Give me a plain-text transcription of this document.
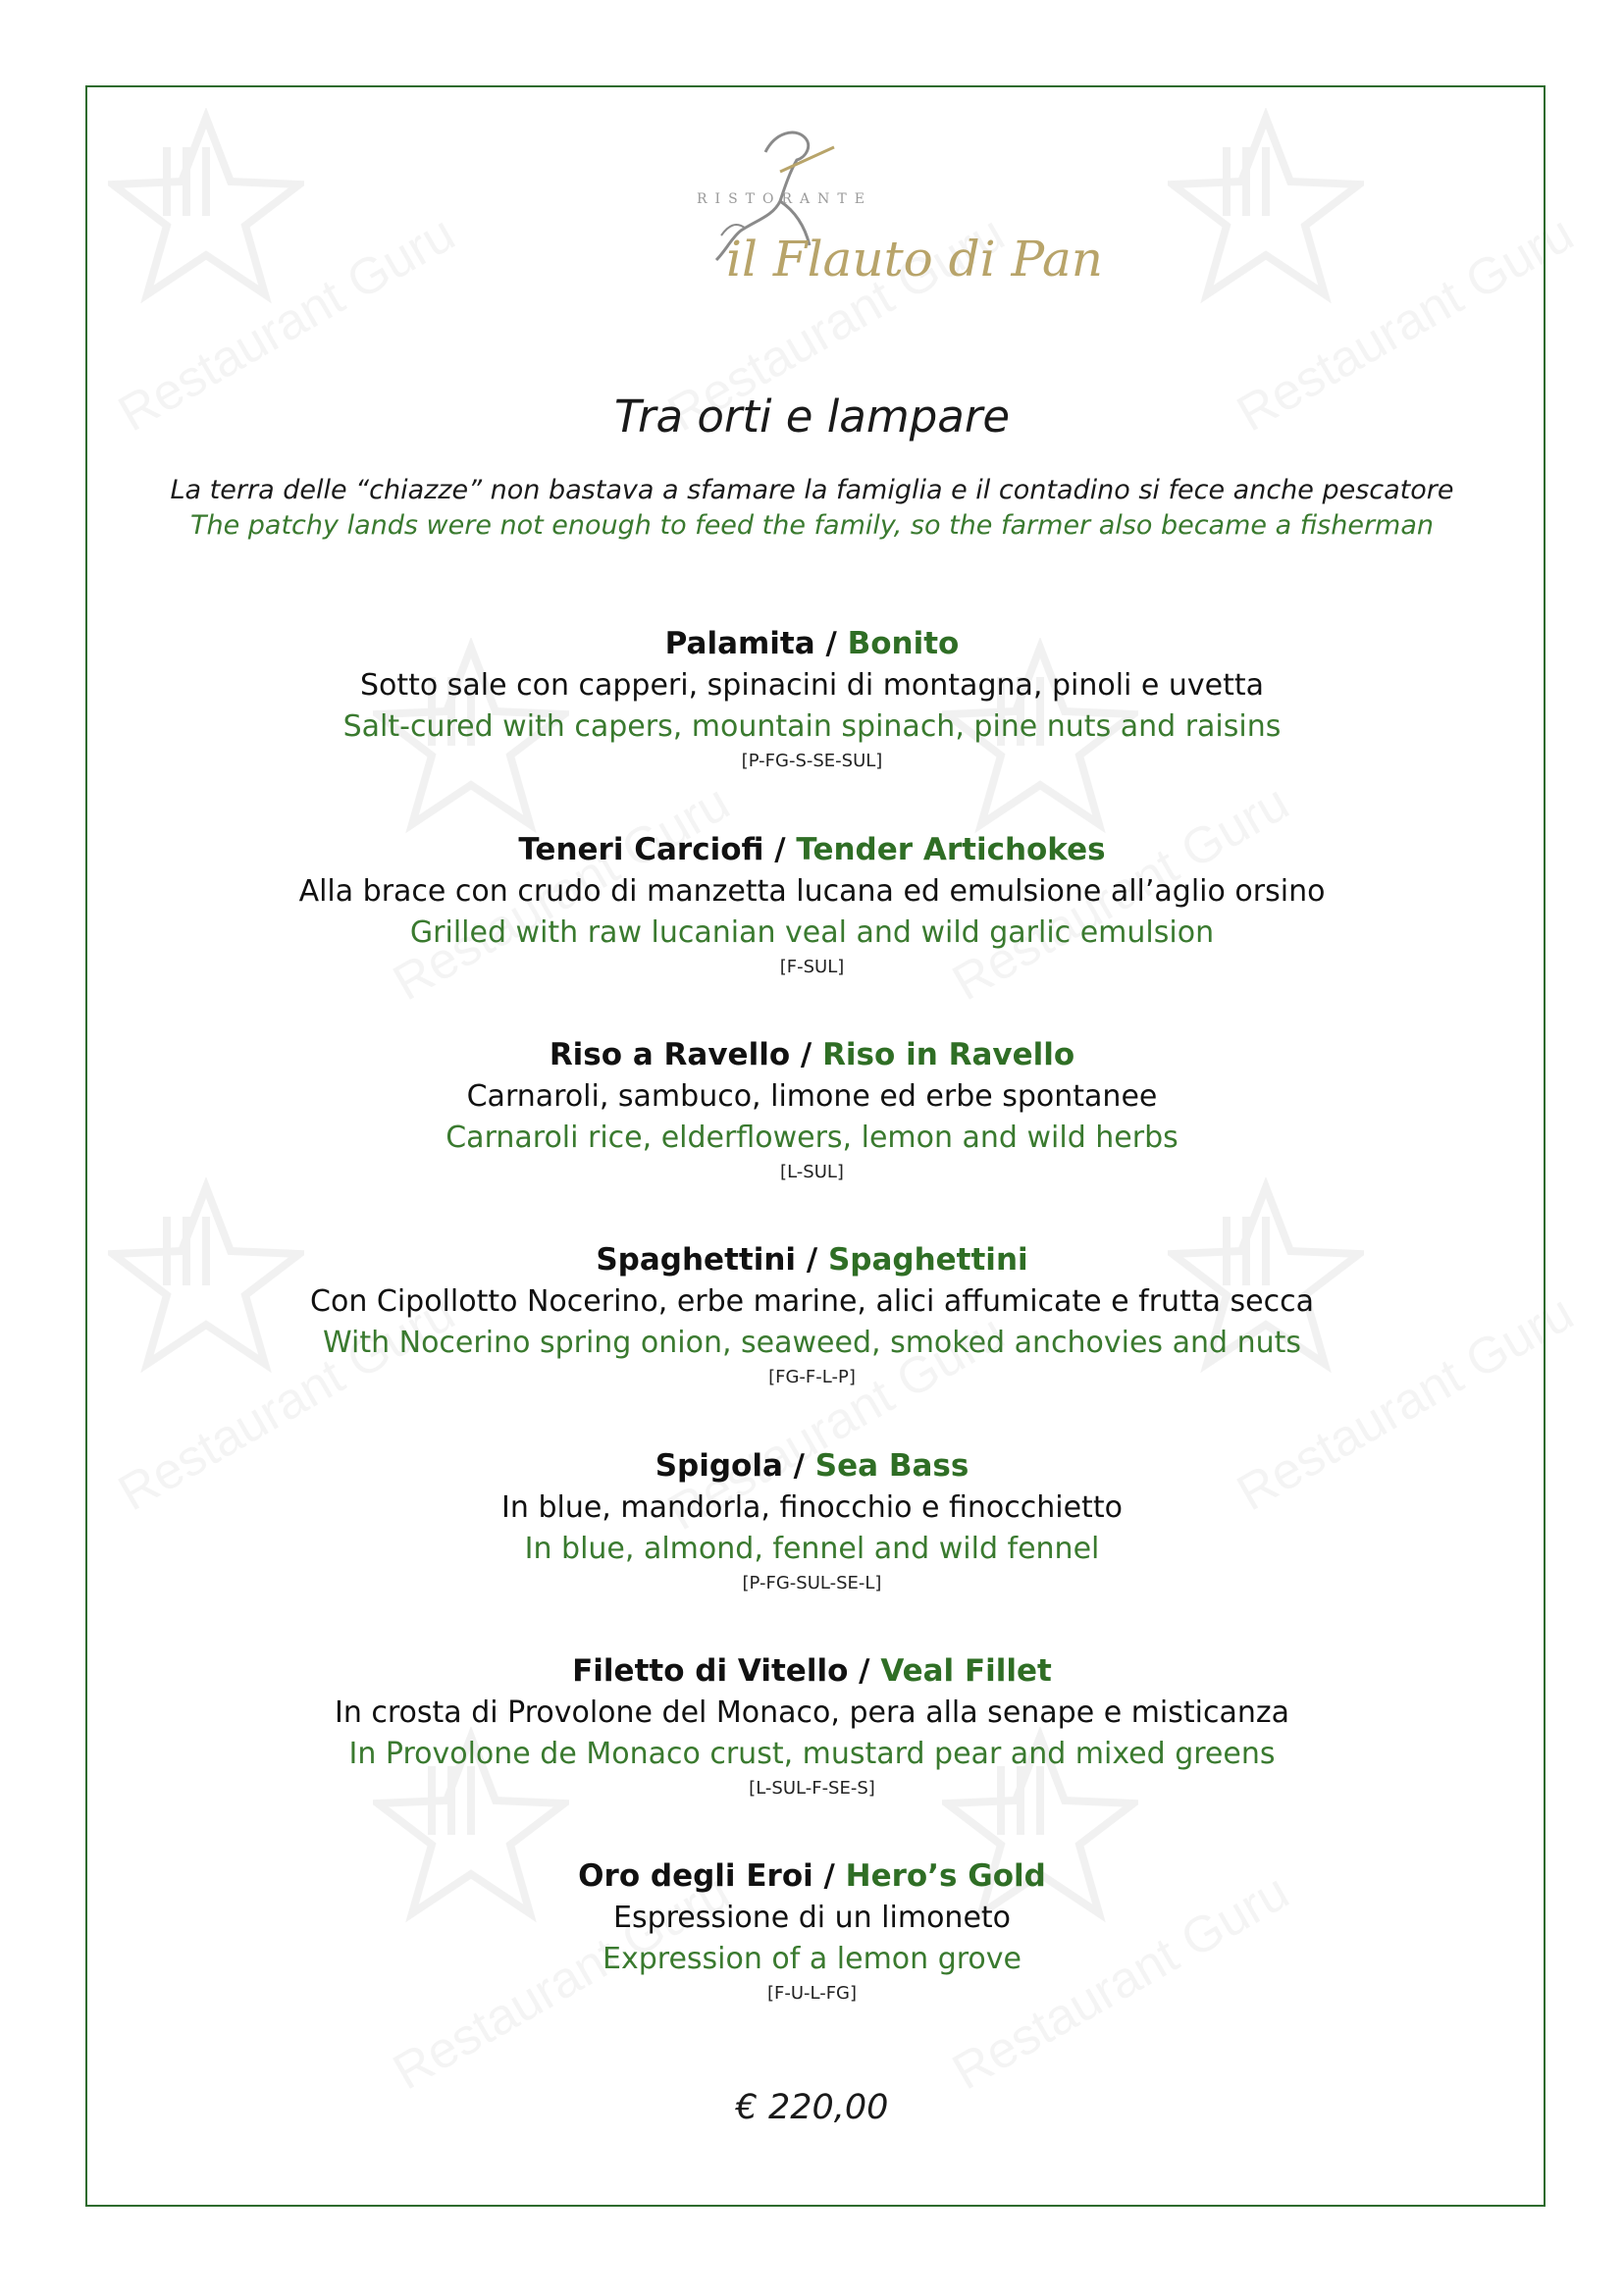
RISTORANTE
il Flauto di Pan
Tra orti e lampare
La terra delle “chiazze” non bastava a sfamare la famiglia e il contadino si fece anche pescatore
The patchy lands were not enough to feed the family, so the farmer also became a fisherman
Palamita / Bonito
Sotto sale con capperi, spinacini di montagna, pinoli e uvetta
Salt-cured with capers, mountain spinach, pine nuts and raisins
[P-FG-S-SE-SUL]
Teneri Carciofi / Tender Artichokes
Alla brace con crudo di manzetta lucana ed emulsione all’aglio orsino
Grilled with raw lucanian veal and wild garlic emulsion
[F-SUL]
Riso a Ravello / Riso in Ravello
Carnaroli, sambuco, limone ed erbe spontanee
Carnaroli rice, elderflowers, lemon and wild herbs
[L-SUL]
Spaghettini / Spaghettini
Con Cipollotto Nocerino, erbe marine, alici affumicate e frutta secca
With Nocerino spring onion, seaweed, smoked anchovies and nuts
[FG-F-L-P]
Spigola / Sea Bass
In blue, mandorla, finocchio e finocchietto
In blue, almond, fennel and wild fennel
[P-FG-SUL-SE-L]
Filetto di Vitello / Veal Fillet
In crosta di Provolone del Monaco, pera alla senape e misticanza
In Provolone de Monaco crust, mustard pear and mixed greens
[L-SUL-F-SE-S]
Oro degli Eroi / Hero’s Gold
Espressione di un limoneto
Expression of a lemon grove
[F-U-L-FG]
€ 220,00
